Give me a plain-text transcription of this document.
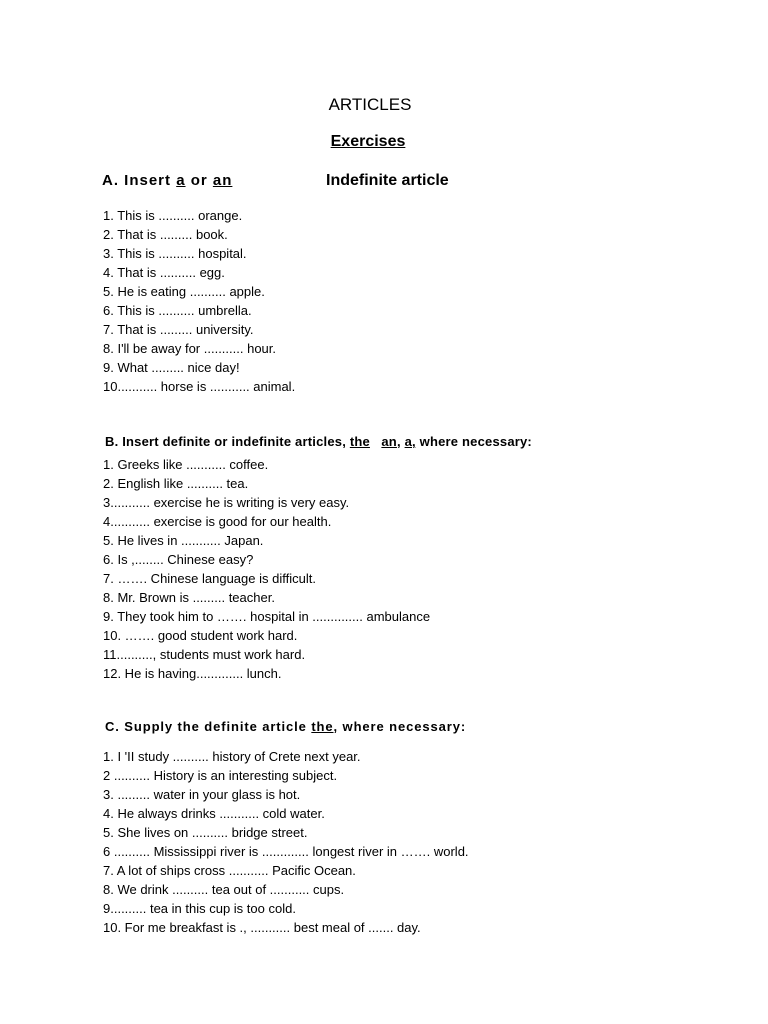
ARTICLES
Exercises
A. Insert a or an	Indefinite article
1. This is .......... orange.
2. That is ......... book.
3. This is .......... hospital.
4. That is .......... egg.
5. He is eating .......... apple.
6. This is .......... umbrella.
7. That is ......... university.
8. I'll be away for ........... hour.
9. What ......... nice day!
10........... horse is ........... animal.
B. Insert definite or indefinite articles, the an, a, where necessary:
1. Greeks like ........... coffee.
2. English like .......... tea.
3........... exercise he is writing is very easy.
4........... exercise is good for our health.
5. He lives in ........... Japan.
6. Is ,........ Chinese easy?
7. ……. Chinese language is difficult.
8. Mr. Brown is ......... teacher.
9. They took him to ……. hospital in .............. ambulance
10. ……. good student work hard.
11.........., students must work hard.
12. He is having............. lunch.
C. Supply the definite article the, where necessary:
1. I 'II study .......... history of Crete next year.
2 .......... History is an interesting subject.
3. ......... water in your glass is hot.
4. He always drinks ........... cold water.
5. She lives on .......... bridge street.
6 .......... Mississippi river is ............. longest river in ……. world.
7. A lot of ships cross ........... Pacific Ocean.
8. We drink .......... tea out of ........... cups.
9.......... tea in this cup is too cold.
10. For me breakfast is ., ........... best meal of ....... day.
